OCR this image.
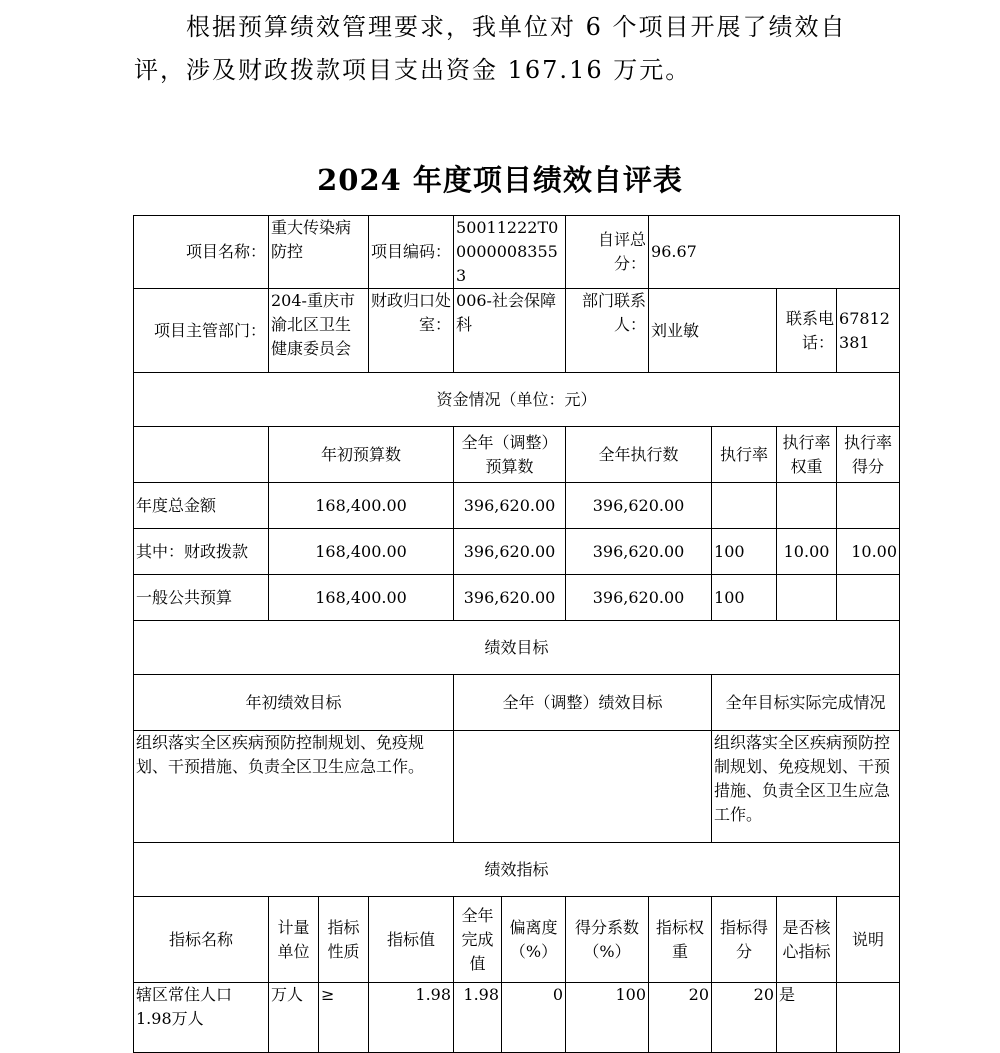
根据预算绩效管理要求，我单位对 6 个项目开展了绩效自
评，涉及财政拨款项目支出资金 167.16 万元。
2024 年度项目绩效自评表
项目名称：	重大传染病防控		项目编码：	50011222T000000083553		自评总分：	96.67			
项目主管部门：	204-重庆市渝北区卫生健康委员会		财政归口处室：	006-社会保障科		部门联系人：	刘业敏		联系电话：	67812381
资金情况（单位：元）										
	年初预算数			全年（调整）预算数		全年执行数		执行率	执行率权重	执行率得分
年度总金额	168,400.00			396,620.00		396,620.00				
其中：财政拨款	168,400.00			396,620.00		396,620.00		100	10.00	10.00
一般公共预算	168,400.00			396,620.00		396,620.00		100		
绩效目标										
年初绩效目标				全年（调整）绩效目标				全年目标实际完成情况		
组织落实全区疾病预防控制规划、免疫规划、干预措施、负责全区卫生应急工作。								组织落实全区疾病预防控制规划、免疫规划、干预措施、负责全区卫生应急工作。		
绩效指标										
指标名称	计量单位	指标性质	指标值	全年完成值	偏离度（%）	得分系数（%）	指标权重	指标得分	是否核心指标	说明
辖区常住人口1.98万人	万人	≥	1.98	1.98	0	100	20	20	是	
